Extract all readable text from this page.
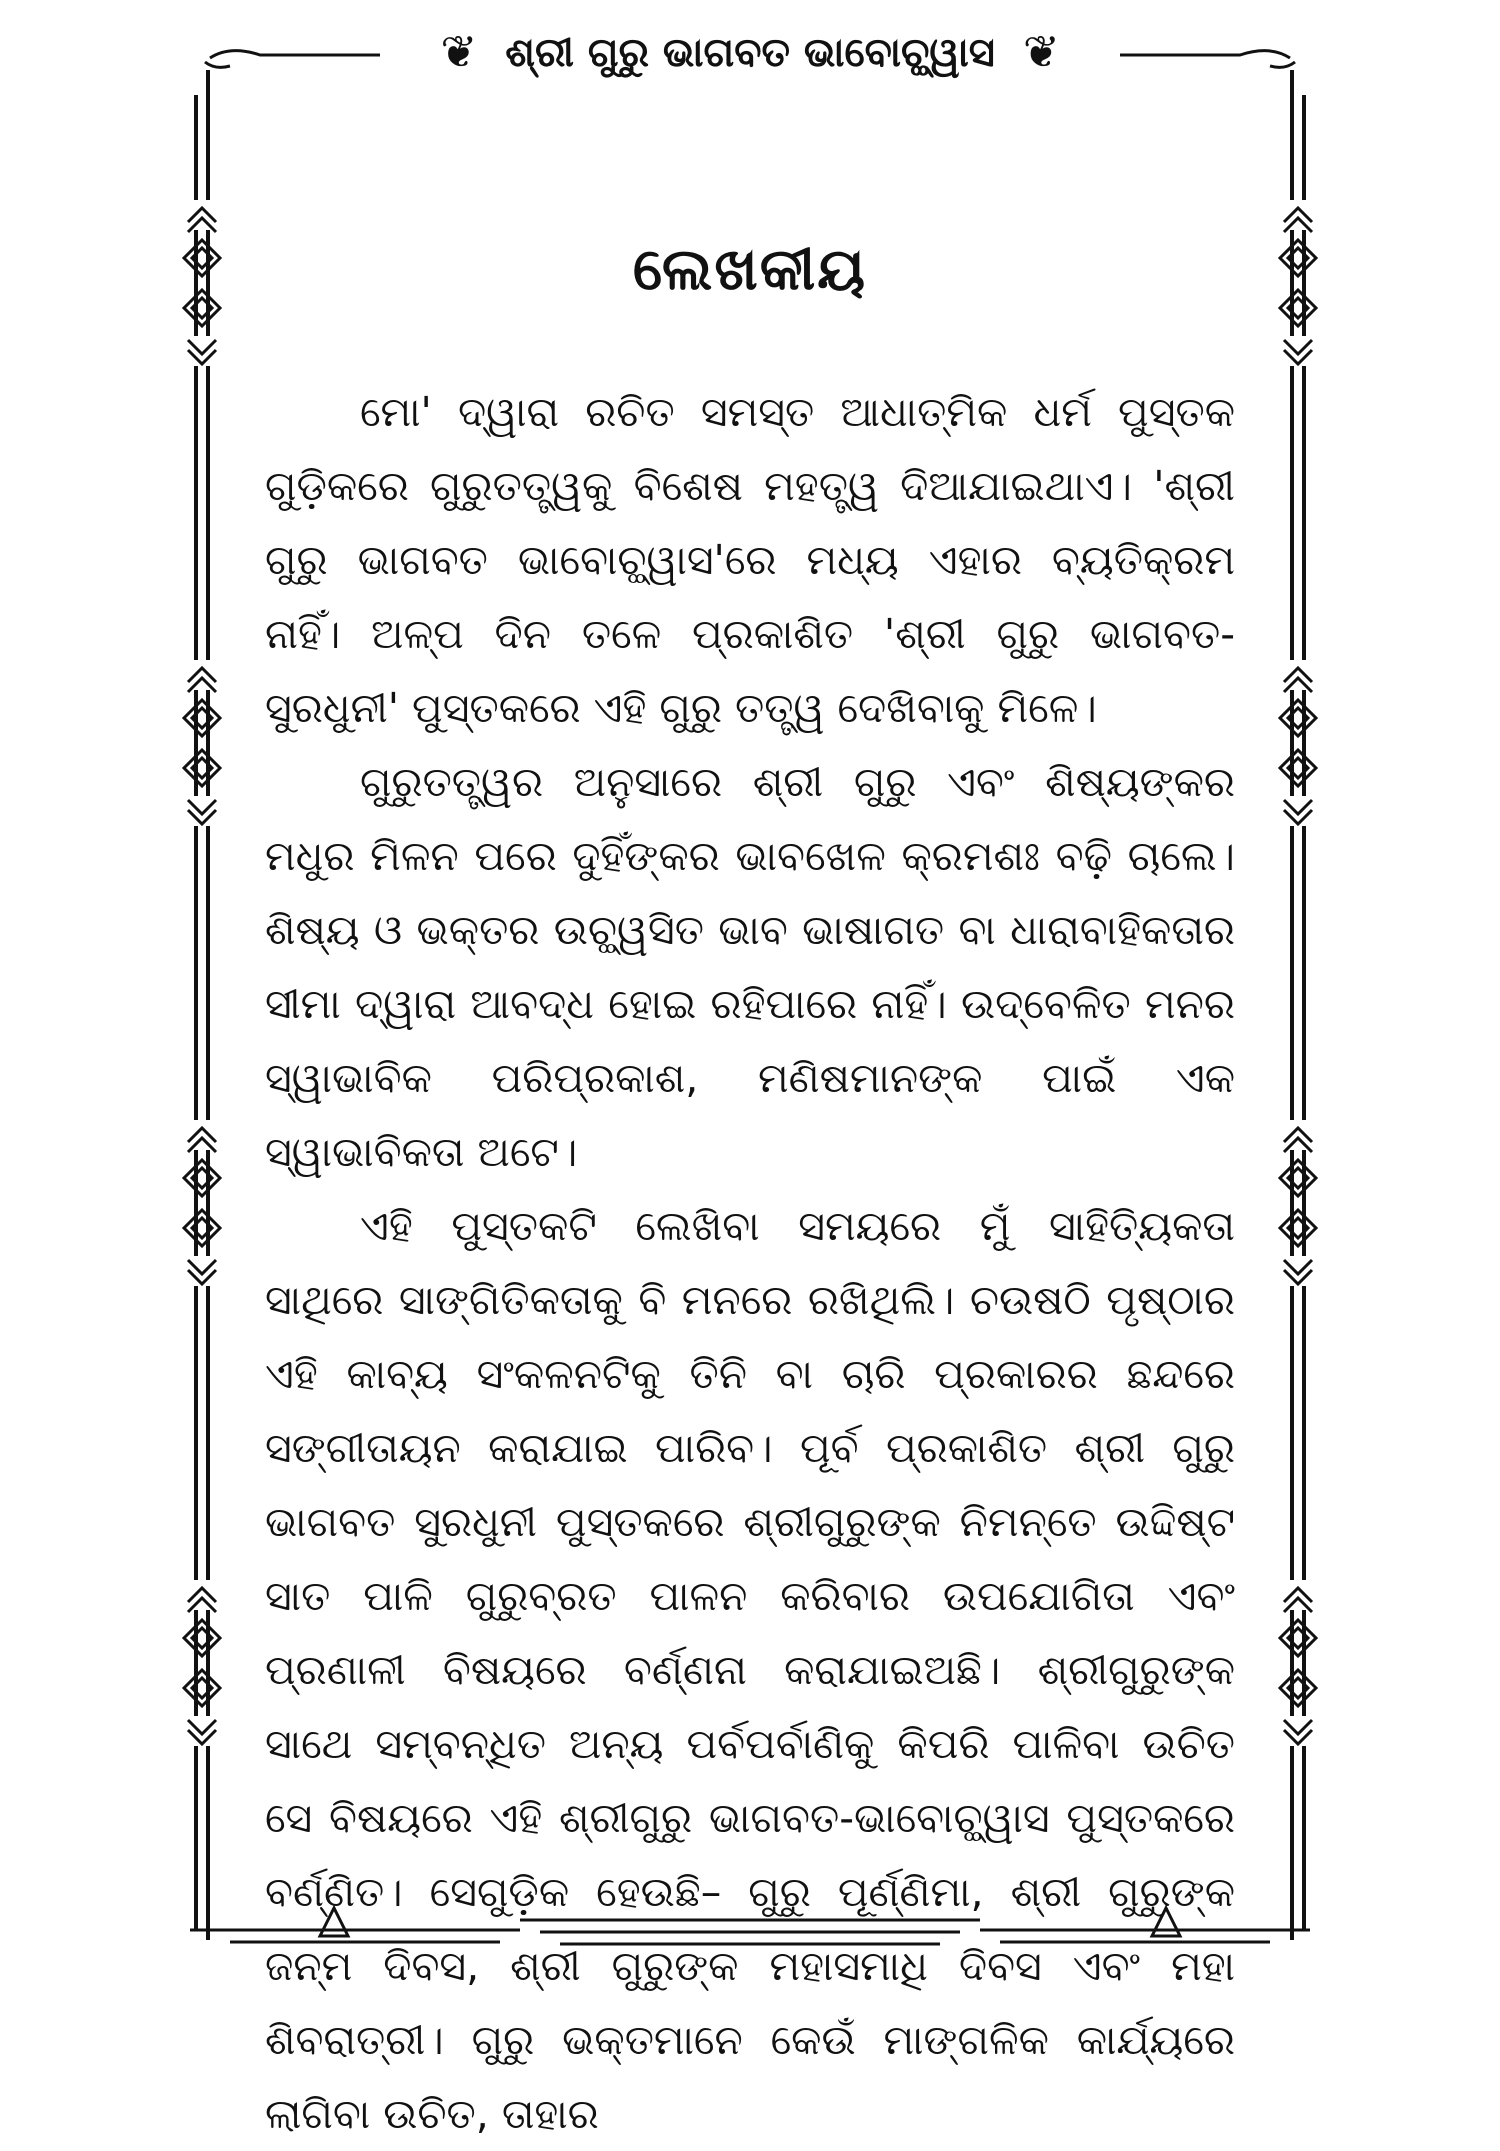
❦ ଶ୍ରୀ ଗୁରୁ ଭାଗବତ ଭାବୋଚ୍ଛ୍ୱାସ ❦
ଲେଖକୀୟ

ମୋ' ଦ୍ୱାରା ରଚିତ ସମସ୍ତ ଆଧାତ୍ମିକ ଧର୍ମ ପୁସ୍ତକ ଗୁଡ଼ିକରେ ଗୁରୁତତ୍ତ୍ୱକୁ ବିଶେଷ ମହତ୍ତ୍ୱ ଦିଆଯାଇଥାଏ। 'ଶ୍ରୀ ଗୁରୁ ଭାଗବତ ଭାବୋଚ୍ଛ୍ୱାସ'ରେ ମଧ୍ୟ ଏହାର ବ୍ୟତିକ୍ରମ ନାହିଁ। ଅଳ୍ପ ଦିନ ତଳେ ପ୍ରକାଶିତ 'ଶ୍ରୀ ଗୁରୁ ଭାଗବତ-ସୁରଧୁନୀ' ପୁସ୍ତକରେ ଏହି ଗୁରୁ ତତ୍ତ୍ୱ ଦେଖିବାକୁ ମିଳେ।

ଗୁରୁତତ୍ତ୍ୱର ଅନୁସାରେ ଶ୍ରୀ ଗୁରୁ ଏବଂ ଶିଷ୍ୟଙ୍କର ମଧୁର ମିଳନ ପରେ ଦୁହିଁଙ୍କର ଭାବଖେଳ କ୍ରମଶଃ ବଢ଼ି ଚାଲେ। ଶିଷ୍ୟ ଓ ଭକ୍ତର ଉଚ୍ଛ୍ୱସିତ ଭାବ ଭାଷାଗତ ବା ଧାରାବାହିକତାର ସୀମା ଦ୍ୱାରା ଆବଦ୍ଧ ହୋଇ ରହିପାରେ ନାହିଁ। ଉଦ୍‌ବେଳିତ ମନର ସ୍ୱାଭାବିକ ପରିପ୍ରକାଶ, ମଣିଷମାନଙ୍କ ପାଇଁ ଏକ ସ୍ୱାଭାବିକତା ଅଟେ।

ଏହି ପୁସ୍ତକଟି ଲେଖିବା ସମୟରେ ମୁଁ ସାହିତ୍ୟିକତା ସାଥିରେ ସାଙ୍ଗିତିକତାକୁ ବି ମନରେ ରଖିଥିଲି। ଚଉଷଠି ପୃଷ୍ଠାର ଏହି କାବ୍ୟ ସଂକଳନଟିକୁ ତିନି ବା ଚାରି ପ୍ରକାରର ଛନ୍ଦରେ ସଙ୍ଗୀତାୟନ କରାଯାଇ ପାରିବ। ପୂର୍ବ ପ୍ରକାଶିତ ଶ୍ରୀ ଗୁରୁ ଭାଗବତ ସୁରଧୁନୀ ପୁସ୍ତକରେ ଶ୍ରୀଗୁରୁଙ୍କ ନିମନ୍ତେ ଉଦ୍ଦିଷ୍ଟ ସାତ ପାଳି ଗୁରୁବ୍ରତ ପାଳନ କରିବାର ଉପଯୋଗିତା ଏବଂ ପ୍ରଣାଳୀ ବିଷୟରେ ବର୍ଣ୍ଣନା କରାଯାଇଅଛି। ଶ୍ରୀଗୁରୁଙ୍କ ସାଥେ ସମ୍ବନ୍ଧିତ ଅନ୍ୟ ପର୍ବପର୍ବାଣିକୁ କିପରି ପାଳିବା ଉଚିତ ସେ ବିଷୟରେ ଏହି ଶ୍ରୀଗୁରୁ ଭାଗବତ-ଭାବୋଚ୍ଛ୍ୱାସ ପୁସ୍ତକରେ ବର୍ଣ୍ଣିତ। ସେଗୁଡ଼ିକ ହେଉଛି– ଗୁରୁ ପୂର୍ଣ୍ଣିମା, ଶ୍ରୀ ଗୁରୁଙ୍କ ଜନ୍ମ ଦିବସ, ଶ୍ରୀ ଗୁରୁଙ୍କ ମହାସମାଧି ଦିବସ ଏବଂ ମହା ଶିବରାତ୍ରୀ। ଗୁରୁ ଭକ୍ତମାନେ କେଉଁ ମାଙ୍ଗଳିକ କାର୍ଯ୍ୟରେ ଲାଗିବା ଉଚିତ, ତାହାର
